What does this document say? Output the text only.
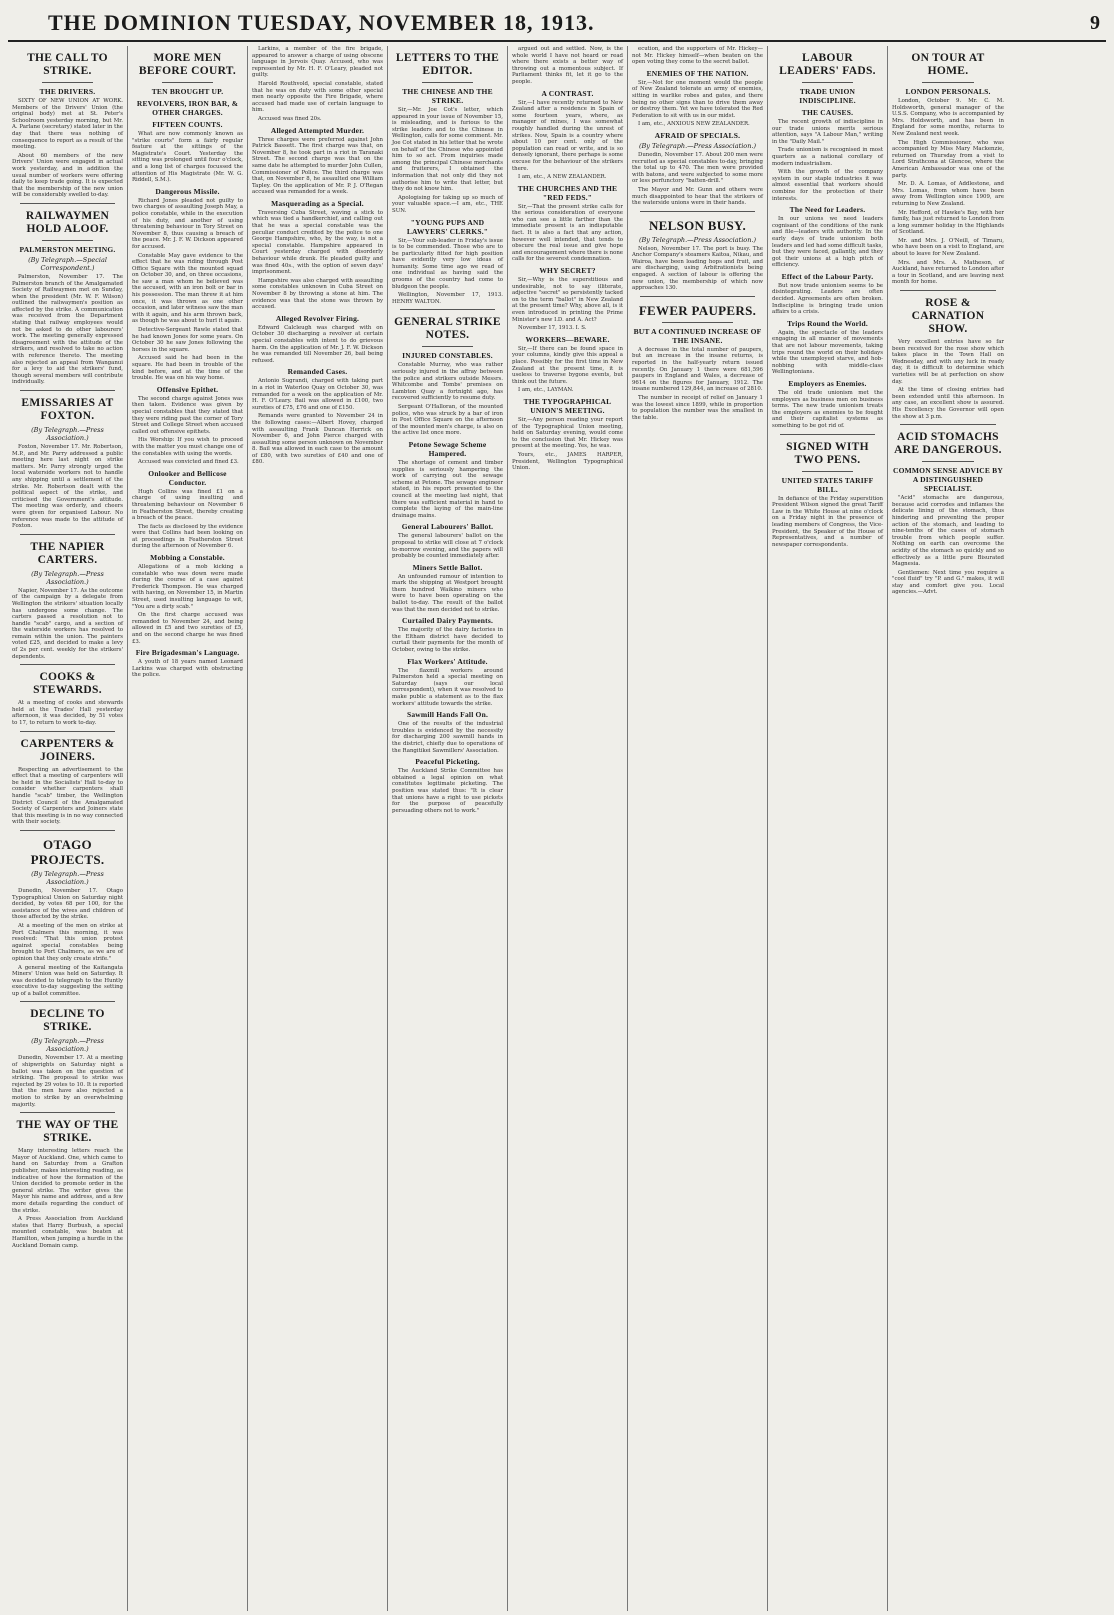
THE DOMINION TUESDAY, NOVEMBER 18, 1913.	9
THE CALL TO STRIKE.
THE DRIVERS.

SIXTY OF NEW UNION AT WORK. Members of the Drivers' Union (the original body) met at St. Peter's Schoolroom yesterday morning, but Mr. A. Parlane (secretary) stated later in the day that there was nothing of consequence to report as a result of the meeting.

About 60 members of the new Drivers' Union were engaged in actual work yesterday, and in addition the usual number of workers were offering daily to keep trade going. It is expected that the membership of the new union will be considerably swelled to-day.

RAILWAYMEN HOLD ALOOF.
PALMERSTON MEETING.
(By Telegraph.—Special Correspondent.)

Palmerston, November 17. The Palmerston branch of the Amalgamated Society of Railwaymen met on Sunday, when the president (Mr. W. F. Wilson) outlined the railwaymen's position as affected by the strike. A communication was received from the Department stating that railway employees would not be asked to do other labourers' work. The meeting generally expressed disagreement with the attitude of the strikers, and resolved to take no action with reference thereto. The meeting also rejected an appeal from Wanganui for a levy to aid the strikers' fund, though several members will contribute individually.

EMISSARIES AT FOXTON.
(By Telegraph.—Press Association.)

Foxton, November 17. Mr. Robertson, M.P., and Mr. Parry addressed a public meeting here last night on strike matters. Mr. Parry strongly urged the local waterside workers not to handle any shipping until a settlement of the strike. Mr. Robertson dealt with the political aspect of the strike, and criticised the Government's attitude. The meeting was orderly, and cheers were given for organised Labour. No reference was made to the attitude of Foxton.

THE NAPIER CARTERS.
(By Telegraph.—Press Association.)

Napier, November 17. As the outcome of the campaign by a delegate from Wellington the strikers' situation locally has undergone some change. The carters passed a resolution not to handle "scab" cargo, and a section of the waterside workers has resolved to remain within the union. The painters voted £25, and decided to make a levy of 2s per cent. weekly for the strikers' dependents.

COOKS & STEWARDS.

At a meeting of cooks and stewards held at the Trades' Hall yesterday afternoon, it was decided, by 51 votes to 17, to return to work to-day.

CARPENTERS & JOINERS.

Respecting an advertisement to the effect that a meeting of carpenters will be held in the Socialists' Hall to-day to consider whether carpenters shall handle "scab" timber, the Wellington District Council of the Amalgamated Society of Carpenters and Joiners state that this meeting is in no way connected with their society.

OTAGO PROJECTS.
(By Telegraph.—Press Association.)

Dunedin, November 17. Otago Typographical Union on Saturday night decided, by votes 68 per 100, for the assistance of the wives and children of those affected by the strike.

At a meeting of the men on strike at Port Chalmers this morning, it was resolved: "That this union protest against special constables being brought to Port Chalmers, as we are of opinion that they only create strife."

A general meeting of the Kaitangata Miners' Union was held on Saturday. It was decided to telegraph to the Huntly executive to-day suggesting the setting up of a ballot committee.

DECLINE TO STRIKE.
(By Telegraph.—Press Association.)

Dunedin, November 17. At a meeting of shipwrights on Saturday night a ballot was taken on the question of striking. The proposal to strike was rejected by 29 votes to 10. It is reported that the men have also rejected a motion to strike by an overwhelming majority.

THE WAY OF THE STRIKE.

Many interesting letters reach the Mayor of Auckland. One, which came to hand on Saturday from a Grafton publisher, makes interesting reading, as indicative of how the formation of the Union decided to promote order in the general strike. The writer gives the Mayor his name and address, and a few more details regarding the conduct of the strike.

A Press Association from Auckland states that Harry Burbush, a special mounted constable, was beaten at Hamilton, when jumping a hurdle in the Auckland Domain camp.

MORE MEN BEFORE COURT.
TEN BROUGHT UP.
REVOLVERS, IRON BAR, & OTHER CHARGES.
FIFTEEN COUNTS.

What are now commonly known as "strike courts" form a fairly regular feature at the sittings of the Magistrate's Court. Yesterday the sitting was prolonged until four o'clock, and a long list of charges focussed the attention of His Magistrate (Mr. W. G. Riddell, S.M.).

Dangerous Missile.

Richard Jones pleaded not guilty to two charges of assaulting Joseph May, a police constable, while in the execution of his duty, and another of using threatening behaviour in Tory Street on November 8, thus causing a breach of the peace. Mr. J. F. W. Dickson appeared for accused.

Constable May gave evidence to the effect that he was riding through Post Office Square with the mounted squad on October 30, and, on three occasions, he saw a man whom he believed was the accused, with an iron bolt or bar in his possession. The man threw it at him once, it was thrown as one other occasion, and later witness saw the man with it again, and his arm thrown back, as though he was about to hurl it again.

Detective-Sergeant Rawle stated that he had known Jones for some years. On October 30 he saw Jones following the horses in the square.

Accused said he had been in the square. He had been in trouble of the kind before, and at the time of the trouble. He was on his way home.

Offensive Epithet.

The second charge against Jones was then taken. Evidence was given by special constables that they stated that they were riding past the corner of Tory Street and College Street when accused called out offensive epithets.

His Worship: If you wish to proceed with the matter you must change one of the constables with using the words.

Accused was convicted and fined £3.

Onlooker and Bellicose Conductor.

Hugh Collins was fined £1 on a charge of using insulting and threatening behaviour on November 6 in Featherston Street, thereby creating a breach of the peace.

The facts as disclosed by the evidence were that Collins had been looking on at proceedings in Featherston Street during the afternoon of November 6.

Mobbing a Constable.

Allegations of a mob kicking a constable who was down were made during the course of a case against Frederick Thompson. He was charged with having, on November 15, in Martin Street, used insulting language to wit, "You are a dirty scab."

On the first charge accused was remanded to November 24, and being allowed in £5 and two sureties of £5, and on the second charge he was fined £3.

Fire Brigadesman's Language.

A youth of 18 years named Leonard Larkins was charged with obstructing the police.

Larkins, a member of the fire brigade, appeared to answer a charge of using obscene language in Jervois Quay. Accused, who was represented by Mr. H. F. O'Leary, pleaded not guilty.

Harold Routhvold, special constable, stated that he was on duty with some other special men nearly opposite the Fire Brigade, where accused had made use of certain language to him.

Accused was fined 20s.

Alleged Attempted Murder.

Three charges were preferred against John Patrick Bassett. The first charge was that, on November 8, he took part in a riot in Taranaki Street. The second charge was that on the same date he attempted to murder John Cullen, Commissioner of Police. The third charge was that, on November 8, he assaulted one William Tapley. On the application of Mr. P. J. O'Regan accused was remanded for a week.

Masquerading as a Special.

Traversing Cuba Street, waving a stick to which was tied a handkerchief, and calling out that he was a special constable was the peculiar conduct credited by the police to one George Hampshire, who, by the way, is not a special constable. Hampshire appeared in Court yesterday charged with disorderly behaviour while drunk. He pleaded guilty and was fined 40s., with the option of seven days' imprisonment.

Hampshire was also charged with assaulting some constables unknown in Cuba Street on November 8 by throwing a stone at him. The evidence was that the stone was thrown by accused.

Alleged Revolver Firing.

Edward Calcleugh was charged with on October 30 discharging a revolver at certain special constables with intent to do grievous harm. On the application of Mr. J. F. W. Dickson he was remanded till November 26, bail being refused.

Remanded Cases.

Antonio Sugrandi, charged with taking part in a riot in Waterloo Quay on October 30, was remanded for a week on the application of Mr. H. F. O'Leary. Bail was allowed in £100, two sureties of £75, £76 and one of £150.

Remands were granted to November 24 in the following cases:—Albert Hovey, charged with assaulting Frank Duncan Herrick on November 6, and John Pierce charged with assaulting some person unknown on November 8. Bail was allowed in each case to the amount of £80, with two sureties of £40 and one of £80.

LETTERS TO THE EDITOR.
THE CHINESE AND THE STRIKE.

Sir,—Mr. Joe Cot's letter, which appeared in your issue of November 15, is misleading, and is furious to the strike leaders and to the Chinese in Wellington, calls for some comment. Mr. Joe Cot stated in his letter that he wrote on behalf of the Chinese who appointed him to so act. From inquiries made among the principal Chinese merchants and fruiterers, I obtained the information that not only did they not authorise him to write that letter, but they do not know him.

Apologising for taking up so much of your valuable space.—I am, etc., THE SUN.

"YOUNG PUPS AND LAWYERS' CLERKS."

Sir,—Your sub-leader in Friday's issue is to be commended. Those who are to be particularly fitted for high position have evidently very low ideas of humanity. Some time ago we read of one individual as having said the grooms of the country had come to bludgeon the people.

Wellington, November 17, 1913. HENRY WALTON.

GENERAL STRIKE NOTES.
INJURED CONSTABLES.

Constable Murray, who was rather seriously injured in the affray between the police and strikers outside Messrs. Whitcombe and Tombs' premises on Lambton Quay a fortnight ago, has recovered sufficiently to resume duty.

Sergeant O'Halloran, of the mounted police, who was struck by a bar of iron in Post Office Square on the afternoon of the mounted men's charge, is also on the active list once more.

Petone Sewage Scheme Hampered.

The shortage of cement and timber supplies is seriously hampering the work of carrying out the sewage scheme at Petone. The sewage engineer stated, in his report presented to the council at the meeting last night, that there was sufficient material in hand to complete the laying of the main-line drainage mains.

General Labourers' Ballot.

The general labourers' ballot on the proposal to strike will close at 7 o'clock to-morrow evening, and the papers will probably be counted immediately after.

Miners Settle Ballot.

An unfounded rumour of intention to mark the shipping at Westport brought them hundred Waikino miners who were to have been operating on the ballot to-day. The result of the ballot was that the men decided not to strike.

Curtailed Dairy Payments.

The majority of the dairy factories in the Eltham district have decided to curtail their payments for the month of October, owing to the strike.

Flax Workers' Attitude.

The flaxmill workers around Palmerston held a special meeting on Saturday (says our local correspondent), when it was resolved to make public a statement as to the flax workers' attitude towards the strike.

Sawmill Hands Fall On.

One of the results of the industrial troubles is evidenced by the necessity for discharging 200 sawmill hands in the district, chiefly due to operations of the Rangitikei Sawmillers' Association.

Peaceful Picketing.

The Auckland Strike Committee has obtained a legal opinion on what constitutes legitimate picketing. The position was stated thus: "It is clear that unions have a right to use pickets for the purpose of peacefully persuading others not to work."

argued out and settled. Now, is the whole world I have not heard or read where there exists a better way of throwing out a momentous subject. If Parliament thinks fit, let it go to the people.

A CONTRAST.

Sir,—I have recently returned to New Zealand after a residence in Spain of some fourteen years, where, as manager of mines, I was somewhat roughly handled during the unrest of strikes. Now, Spain is a country where about 10 per cent. only of the population can read or write, and is so densely ignorant, there perhaps is some excuse for the behaviour of the strikers there.

I am, etc., A NEW ZEALANDER.

THE CHURCHES AND THE "RED FEDS."

Sir,—That the present strike calls for the serious consideration of everyone who can see a little farther than the immediate present is an indisputable fact. It is also a fact that any action, however well intended, that tends to obscure the real issue and give hope and encouragement where there is none calls for the severest condemnation.

WHY SECRET?

Sir,—Why is the superstitious and undesirable, not to say illiterate, adjective "secret" so persistently tacked on to the term "ballot" in New Zealand at the present time? Why, above all, is it even introduced in printing the Prime Minister's new I.D. and A. Act?

November 17, 1913. I. S.

WORKERS—BEWARE.

Sir,—If there can be found space in your columns, kindly give this appeal a place. Possibly for the first time in New Zealand at the present time, it is useless to traverse bygone events, but think out the future.

I am, etc., LAYMAN.

THE TYPOGRAPHICAL UNION'S MEETING.

Sir,—Any person reading your report of the Typographical Union meeting, held on Saturday evening, would come to the conclusion that Mr. Hickey was present at the meeting. Yes, he was.

Yours, etc., JAMES HARPER, President, Wellington Typographical Union.

ecution, and the supporters of Mr. Hickey—not Mr. Hickey himself—when beaten on the open voting they come to the secret ballot.

ENEMIES OF THE NATION.

Sir,—Not for one moment would the people of New Zealand tolerate an army of enemies, sitting in warlike robes and gates, and there being no other signs than to drive them away or destroy them. Yet we have tolerated the Red Federation to sit with us in our midst.

I am, etc., ANXIOUS NEW ZEALANDER.

AFRAID OF SPECIALS.
(By Telegraph.—Press Association.)

Dunedin, November 17. About 200 men were recruited as special constables to-day, bringing the total up to 470. The men were provided with batons, and were subjected to some more or less perfunctory "batten-drill."

The Mayor and Mr. Gunn and others were much disappointed to hear that the strikers of the waterside unions were in their hands.

NELSON BUSY.
(By Telegraph.—Press Association.)

Nelson, November 17. The port is busy. The Anchor Company's steamers Kaitoa, Nikau, and Wairoa, have been loading hops and fruit, and are discharging, using Arbitrationists being engaged. A section of labour is offering the new union, the membership of which now approaches 130.

FEWER PAUPERS.
BUT A CONTINUED INCREASE OF THE INSANE.

A decrease in the total number of paupers, but an increase in the insane returns, is reported in the half-yearly return issued recently. On January 1 there were 681,596 paupers in England and Wales, a decrease of 9614 on the figures for January, 1912. The insane numbered 129,844, an increase of 2810.

The number in receipt of relief on January 1 was the lowest since 1899, while in proportion to population the number was the smallest in the table.

LABOUR LEADERS' FADS.
TRADE UNION INDISCIPLINE.
THE CAUSES.

The recent growth of indiscipline in our trade unions merits serious attention, says "A Labour Man," writing in the "Daily Mail."

Trade unionism is recognised in most quarters as a national corollary of modern industrialism.

With the growth of the company system in our staple industries it was almost essential that workers should combine for the protection of their interests.

The Need for Leaders.

In our unions we need leaders cognisant of the conditions of the rank and file—leaders with authority. In the early days of trade unionism both leaders and led had some difficult tasks, but they were faced, gallantly, and they got their unions at a high pitch of efficiency.

Effect of the Labour Party.

But now trade unionism seems to be disintegrating. Leaders are often decided. Agreements are often broken. Indiscipline is bringing trade union affairs to a crisis.

Trips Round the World.

Again, the spectacle of the leaders engaging in all manner of movements that are not labour movements, taking trips round the world on their holidays while the unemployed starve, and hob-nobbing with middle-class Wellingtonians.

Employers as Enemies.

The old trade unionism met the employers as business men on business terms. The new trade unionism treats the employers as enemies to be fought and their capitalist systems as something to be got rid of.

SIGNED WITH TWO PENS.
UNITED STATES TARIFF BILL.

In defiance of the Friday superstition President Wilson signed the great Tariff Law in the White House at nine o'clock on a Friday night in the presence of leading members of Congress, the Vice-President, the Speaker of the House of Representatives, and a number of newspaper correspondents.

ON TOUR AT HOME.
LONDON PERSONALS.

London, October 9. Mr. C. M. Holdsworth, general manager of the U.S.S. Company, who is accompanied by Mrs. Holdsworth, and has been in England for some months, returns to New Zealand next week.

The High Commissioner, who was accompanied by Miss Mary Mackenzie, returned on Thursday from a visit to Lord Strathcona at Glencoe, where the American Ambassador was one of the party.

Mr. D. A. Lomas, of Addlestone, and Mrs. Lomas, from whom have been away from Wellington since 1909, are returning to New Zealand.

Mr. Hefford, of Hawke's Bay, with her family, has just returned to London from a long summer holiday in the Highlands of Scotland.

Mr. and Mrs. J. O'Neill, of Timaru, who have been on a visit to England, are about to leave for New Zealand.

Mrs. and Mrs. A. Matheson, of Auckland, have returned to London after a tour in Scotland, and are leaving next month for home.

ROSE & CARNATION SHOW.

Very excellent entries have so far been received for the rose show which takes place in the Town Hall on Wednesday, and with any luck in ready day, it is difficult to determine which varieties will be at perfection on show day.

At the time of closing entries had been extended until this afternoon. In any case, an excellent show is assured. His Excellency the Governor will open the show at 3 p.m.

ACID STOMACHS ARE DANGEROUS.
COMMON SENSE ADVICE BY A DISTINGUISHED SPECIALIST.

"Acid" stomachs are dangerous, because acid corrodes and inflames the delicate lining of the stomach, thus hindering and preventing the proper action of the stomach, and leading to nine-tenths of the cases of stomach trouble from which people suffer. Nothing on earth can overcome the acidity of the stomach so quickly and so effectively as a little pure Bisurated Magnesia.

Gentlemen: Next time you require a "cool fluid" try "P. and G." makes, it will stay and comfort give you. Local agencies.—Advt.
